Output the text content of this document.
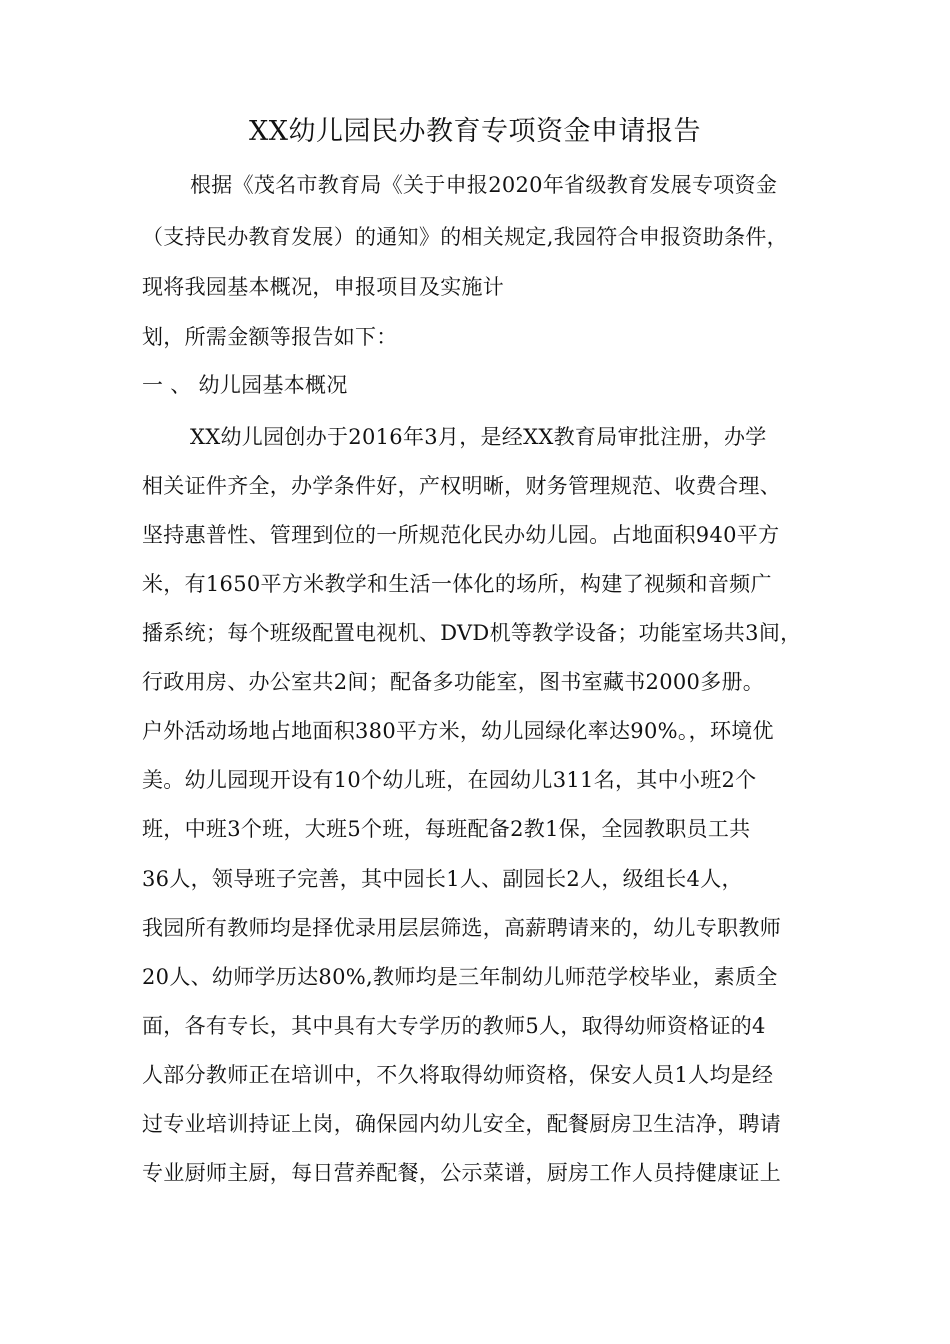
XX幼儿园民办教育专项资金申请报告

根据《茂名市教育局《关于申报2020年省级教育发展专项资金

（支持民办教育发展）的通知》的相关规定,我园符合申报资助条件，

现将我园基本概况，申报项目及实施计

划，所需金额等报告如下：

一 、 幼儿园基本概况

XX幼儿园创办于2016年3月，是经XX教育局审批注册，办学

相关证件齐全，办学条件好，产权明晰，财务管理规范、收费合理、

坚持惠普性、管理到位的一所规范化民办幼儿园。占地面积940平方

米，有1650平方米教学和生活一体化的场所，构建了视频和音频广

播系统；每个班级配置电视机、DVD机等教学设备；功能室场共3间，

行政用房、办公室共2间；配备多功能室，图书室藏书2000多册。

户外活动场地占地面积380平方米，幼儿园绿化率达90%。，环境优

美。幼儿园现开设有10个幼儿班，在园幼儿311名，其中小班2个

班，中班3个班，大班5个班，每班配备2教1保，全园教职员工共

36人，领导班子完善，其中园长1人、副园长2人，级组长4人，

我园所有教师均是择优录用层层筛选，高薪聘请来的，幼儿专职教师

20人、幼师学历达80%,教师均是三年制幼儿师范学校毕业，素质全

面，各有专长，其中具有大专学历的教师5人，取得幼师资格证的4

人部分教师正在培训中，不久将取得幼师资格，保安人员1人均是经

过专业培训持证上岗，确保园内幼儿安全，配餐厨房卫生洁净，聘请

专业厨师主厨，每日营养配餐，公示菜谱，厨房工作人员持健康证上
